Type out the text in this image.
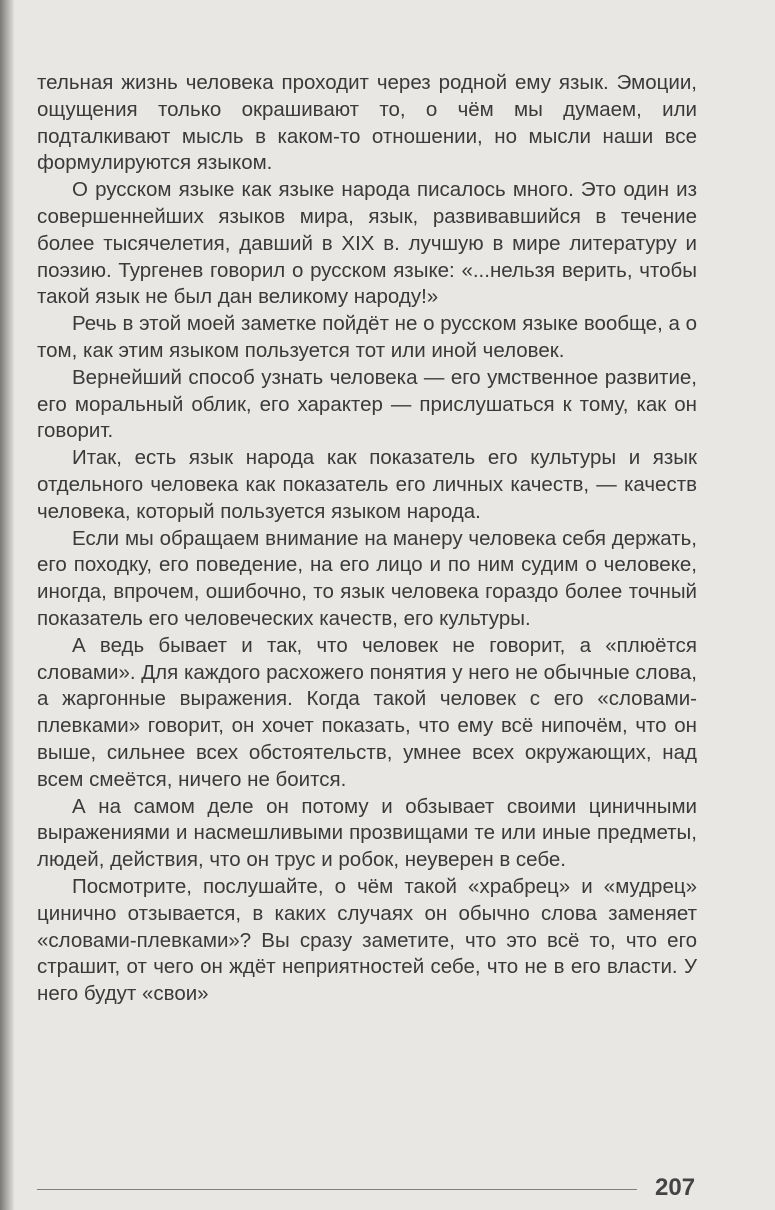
тельная жизнь человека проходит через родной ему язык. Эмоции, ощущения только окрашивают то, о чём мы думаем, или подталкивают мысль в каком-то отношении, но мысли наши все формулируются языком.

О русском языке как языке народа писалось много. Это один из совершеннейших языков мира, язык, развивавшийся в течение более тысячелетия, давший в XIX в. лучшую в мире литературу и поэзию. Тургенев говорил о русском языке: «...нельзя верить, чтобы такой язык не был дан великому народу!»

Речь в этой моей заметке пойдёт не о русском языке вообще, а о том, как этим языком пользуется тот или иной человек.

Вернейший способ узнать человека — его умственное развитие, его моральный облик, его характер — прислушаться к тому, как он говорит.

Итак, есть язык народа как показатель его культуры и язык отдельного человека как показатель его личных качеств, — качеств человека, который пользуется языком народа.

Если мы обращаем внимание на манеру человека себя держать, его походку, его поведение, на его лицо и по ним судим о человеке, иногда, впрочем, ошибочно, то язык человека гораздо более точный показатель его человеческих качеств, его культуры.

А ведь бывает и так, что человек не говорит, а «плюётся словами». Для каждого расхожего понятия у него не обычные слова, а жаргонные выражения. Когда такой человек с его «словами-плевками» говорит, он хочет показать, что ему всё нипочём, что он выше, сильнее всех обстоятельств, умнее всех окружающих, над всем смеётся, ничего не боится.

А на самом деле он потому и обзывает своими циничными выражениями и насмешливыми прозвищами те или иные предметы, людей, действия, что он трус и робок, неуверен в себе.

Посмотрите, послушайте, о чём такой «храбрец» и «мудрец» цинично отзывается, в каких случаях он обычно слова заменяет «словами-плевками»? Вы сразу заметите, что это всё то, что его страшит, от чего он ждёт неприятностей себе, что не в его власти. У него будут «свои»

207
